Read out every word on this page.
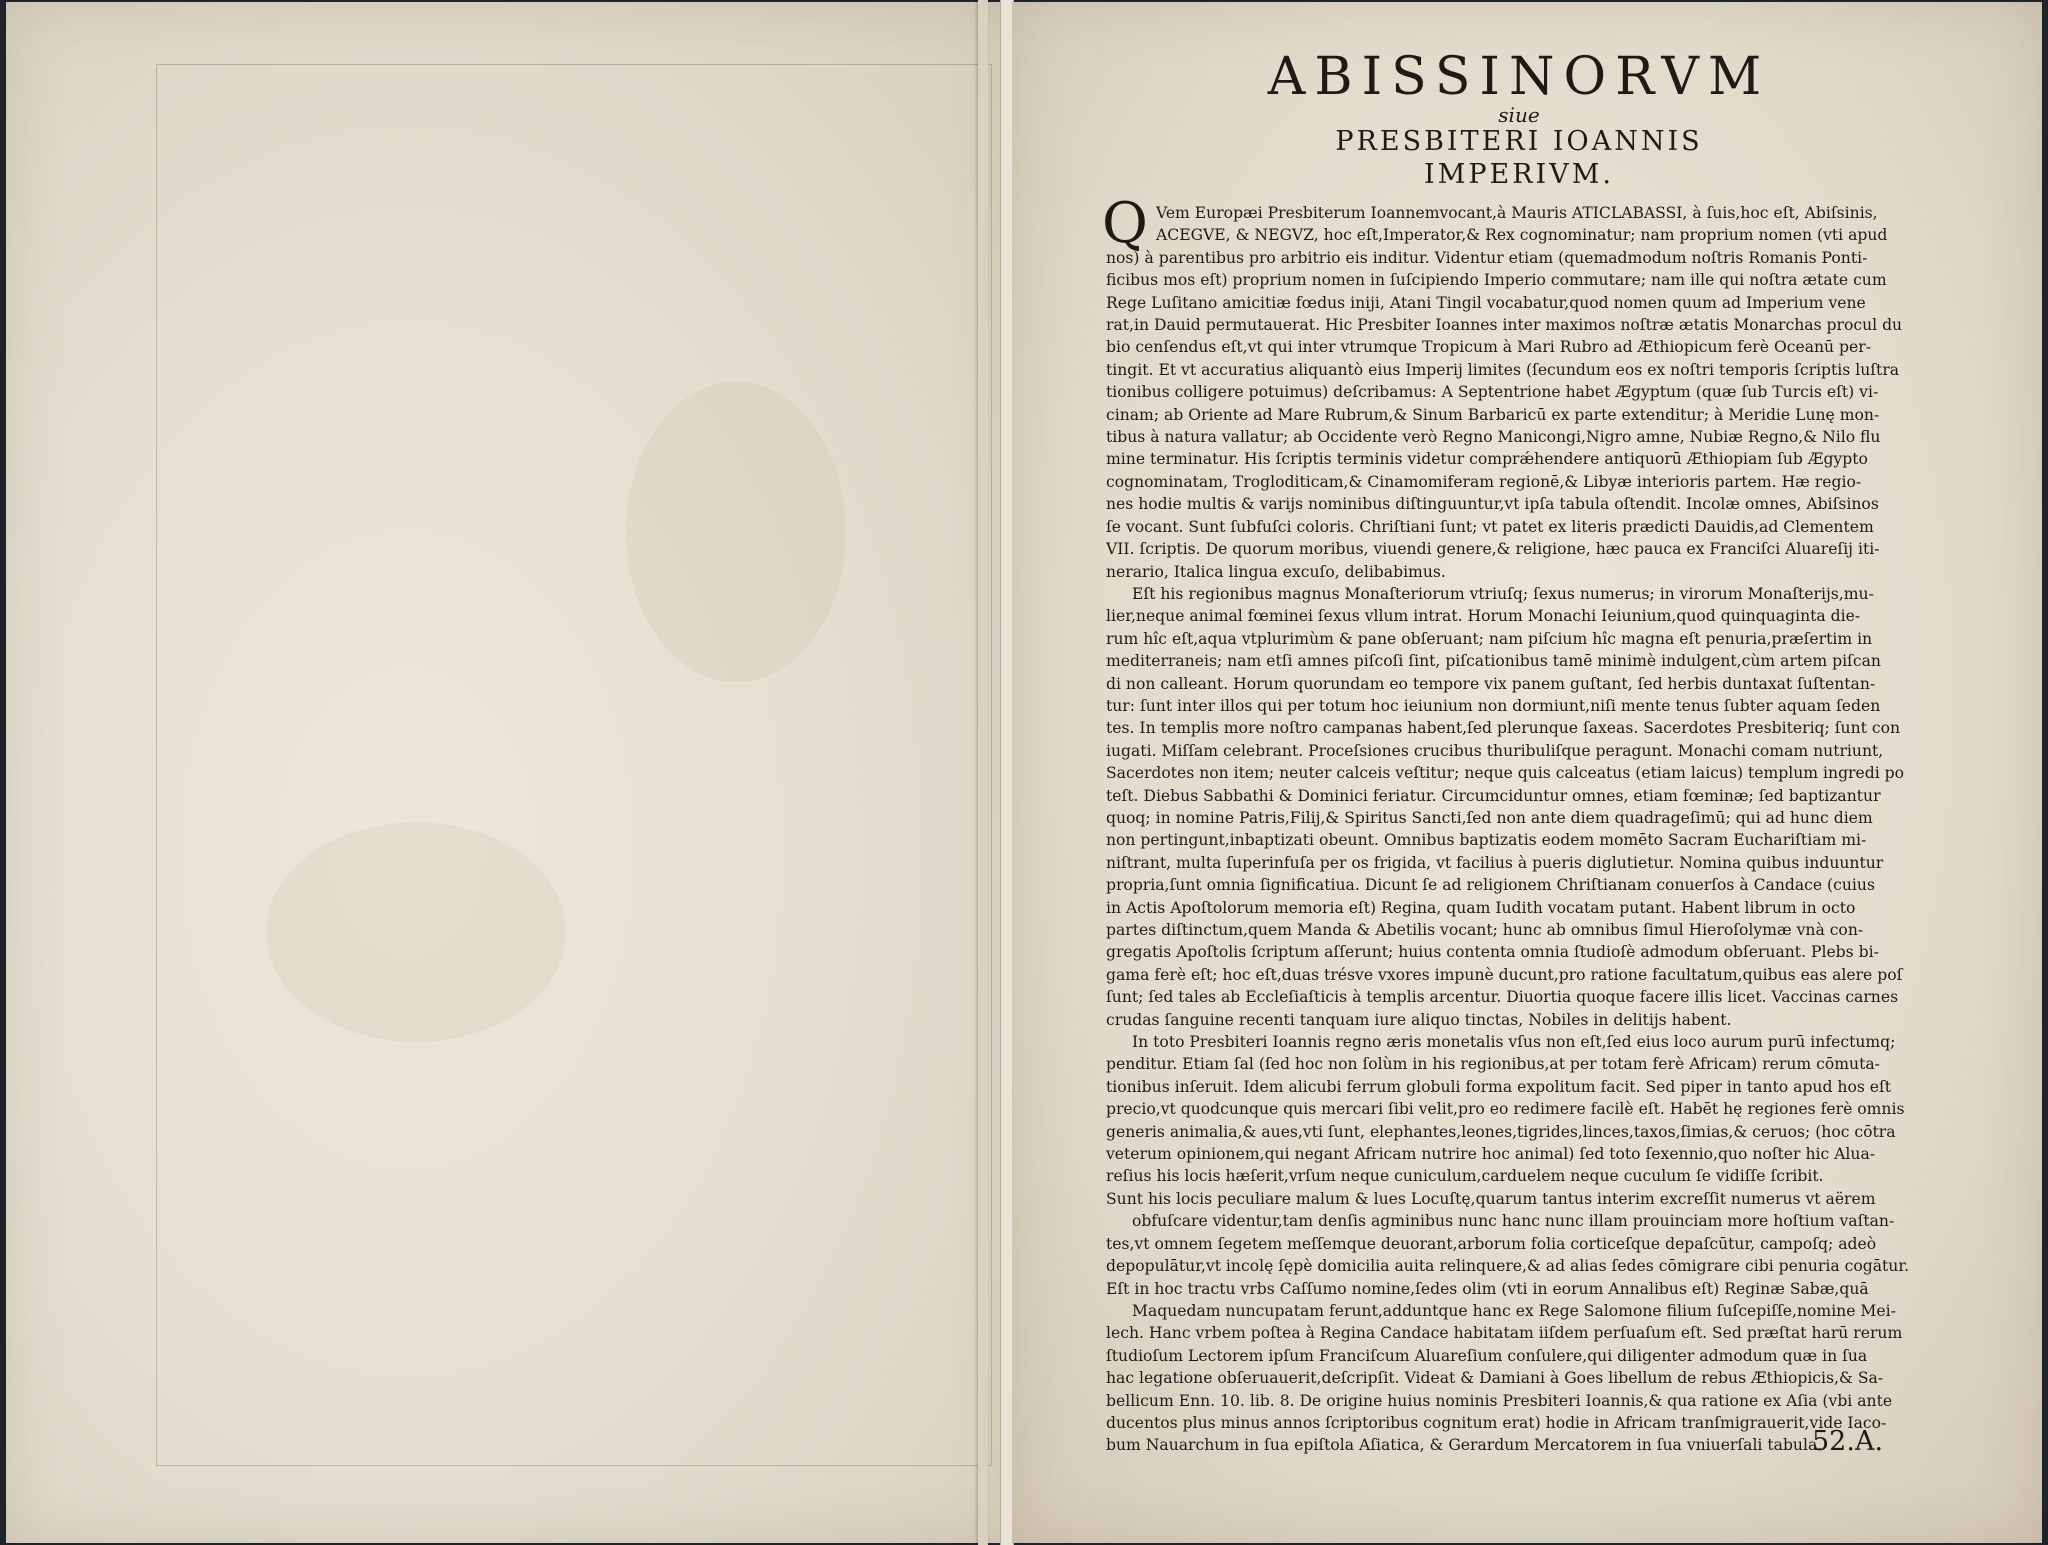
ABISSINORVM
siue
PRESBITERI IOANNIS
IMPERIVM.
Q Vem Europæi Presbiterum Ioannemvocant,à Mauris ATICLABASSI, à ſuis,hoc eſt, Abiſsinis,
ACEGVE, & NEGVZ, hoc eſt,Imperator,& Rex cognominatur; nam proprium nomen (vti apud
nos) à parentibus pro arbitrio eis inditur. Videntur etiam (quemadmodum noſtris Romanis Ponti-
ficibus mos eſt) proprium nomen in ſuſcipiendo Imperio commutare; nam ille qui noſtra ætate cum
Rege Luſitano amicitiæ fœdus iniji, Atani Tingil vocabatur,quod nomen quum ad Imperium vene
rat,in Dauid permutauerat. Hic Presbiter Ioannes inter maximos noſtræ ætatis Monarchas procul du
bio cenſendus eſt,vt qui inter vtrumque Tropicum à Mari Rubro ad Æthiopicum ferè Oceanū per-
tingit. Et vt accuratius aliquantò eius Imperij limites (ſecundum eos ex noſtri temporis ſcriptis luſtra
tionibus colligere potuimus) deſcribamus: A Septentrione habet Ægyptum (quæ ſub Turcis eſt) vi-
cinam; ab Oriente ad Mare Rubrum,& Sinum Barbaricū ex parte extenditur; à Meridie Lunę mon-
tibus à natura vallatur; ab Occidente verò Regno Manicongi,Nigro amne, Nubiæ Regno,& Nilo flu
mine terminatur. His ſcriptis terminis videtur comprǽhendere antiquorū Æthiopiam ſub Ægypto
cognominatam, Trogloditicam,& Cinamomiferam regionē,& Libyæ interioris partem. Hæ regio-
nes hodie multis & varijs nominibus diſtinguuntur,vt ipſa tabula oſtendit. Incolæ omnes, Abiſsinos
ſe vocant. Sunt ſubfuſci coloris. Chriſtiani ſunt; vt patet ex literis prædicti Dauidis,ad Clementem
VII. ſcriptis. De quorum moribus, viuendi genere,& religione, hæc pauca ex Franciſci Aluareſij iti-
nerario, Italica lingua excuſo, delibabimus.
Eſt his regionibus magnus Monaſteriorum vtriuſq; ſexus numerus; in virorum Monaſterijs,mu-
lier,neque animal fœminei ſexus vllum intrat. Horum Monachi Ieiunium,quod quinquaginta die-
rum hîc eſt,aqua vtplurimùm & pane obſeruant; nam piſcium hîc magna eſt penuria,præſertim in
mediterraneis; nam etſi amnes piſcoſi ſint, piſcationibus tamē minimè indulgent,cùm artem piſcan
di non calleant. Horum quorundam eo tempore vix panem guſtant, ſed herbis duntaxat ſuſtentan-
tur: ſunt inter illos qui per totum hoc ieiunium non dormiunt,niſi mente tenus ſubter aquam ſeden
tes. In templis more noſtro campanas habent,ſed plerunque ſaxeas. Sacerdotes Presbiteriq; ſunt con
iugati. Miſſam celebrant. Proceſsiones crucibus thuribuliſque peragunt. Monachi comam nutriunt,
Sacerdotes non item; neuter calceis veſtitur; neque quis calceatus (etiam laicus) templum ingredi po
teſt. Diebus Sabbathi & Dominici feriatur. Circumciduntur omnes, etiam fœminæ; ſed baptizantur
quoq; in nomine Patris,Filij,& Spiritus Sancti,ſed non ante diem quadrageſimū; qui ad hunc diem
non pertingunt,inbaptizati obeunt. Omnibus baptizatis eodem momēto Sacram Euchariſtiam mi-
niſtrant, multa ſuperinfuſa per os frigida, vt facilius à pueris diglutietur. Nomina quibus induuntur
propria,ſunt omnia ſignificatiua. Dicunt ſe ad religionem Chriſtianam conuerſos à Candace (cuius
in Actis Apoſtolorum memoria eſt) Regina, quam Iudith vocatam putant. Habent librum in octo
partes diſtinctum,quem Manda & Abetilis vocant; hunc ab omnibus ſimul Hieroſolymæ vnà con-
gregatis Apoſtolis ſcriptum aſſerunt; huius contenta omnia ſtudioſè admodum obſeruant. Plebs bi-
gama ferè eſt; hoc eſt,duas trésve vxores impunè ducunt,pro ratione facultatum,quibus eas alere poſ
ſunt; ſed tales ab Eccleſiaſticis à templis arcentur. Diuortia quoque facere illis licet. Vaccinas carnes
crudas ſanguine recenti tanquam iure aliquo tinctas, Nobiles in delitijs habent.
In toto Presbiteri Ioannis regno æris monetalis vſus non eſt,ſed eius loco aurum purū infectumq;
penditur. Etiam ſal (ſed hoc non ſolùm in his regionibus,at per totam ferè Africam) rerum cōmuta-
tionibus inſeruit. Idem alicubi ferrum globuli forma expolitum facit. Sed piper in tanto apud hos eſt
precio,vt quodcunque quis mercari ſibi velit,pro eo redimere facilè eſt. Habēt hę regiones ferè omnis
generis animalia,& aues,vti ſunt, elephantes,leones,tigrides,linces,taxos,ſimias,& ceruos; (hoc cōtra
veterum opinionem,qui negant Africam nutrire hoc animal) ſed toto ſexennio,quo noſter hic Alua-
reſius his locis hæſerit,vrſum neque cuniculum,carduelem neque cuculum ſe vidiſſe ſcribit.
Sunt his locis peculiare malum & lues Locuſtę,quarum tantus interim excreſſit numerus vt aërem
obfuſcare videntur,tam denſis agminibus nunc hanc nunc illam prouinciam more hoſtium vaſtan-
tes,vt omnem ſegetem meſſemque deuorant,arborum folia corticeſque depaſcūtur, campoſq; adeò
depopulātur,vt incolę ſępè domicilia auita relinquere,& ad alias ſedes cōmigrare cibi penuria cogātur.
Eſt in hoc tractu vrbs Caſſumo nomine,ſedes olim (vti in eorum Annalibus eſt) Reginæ Sabæ,quā
Maquedam nuncupatam ferunt,adduntque hanc ex Rege Salomone filium ſuſcepiſſe,nomine Mei-
lech. Hanc vrbem poſtea à Regina Candace habitatam iiſdem perſuaſum eſt. Sed præſtat harū rerum
ſtudioſum Lectorem ipſum Franciſcum Aluareſium conſulere,qui diligenter admodum quæ in ſua
hac legatione obſeruauerit,deſcripſit. Videat & Damiani à Goes libellum de rebus Æthiopicis,& Sa-
bellicum Enn. 10. lib. 8. De origine huius nominis Presbiteri Ioannis,& qua ratione ex Aſia (vbi ante
ducentos plus minus annos ſcriptoribus cognitum erat) hodie in Africam tranſmigrauerit,vide Iaco-
bum Nauarchum in ſua epiſtola Aſiatica, & Gerardum Mercatorem in ſua vniuerſali tabula.
52.A.
